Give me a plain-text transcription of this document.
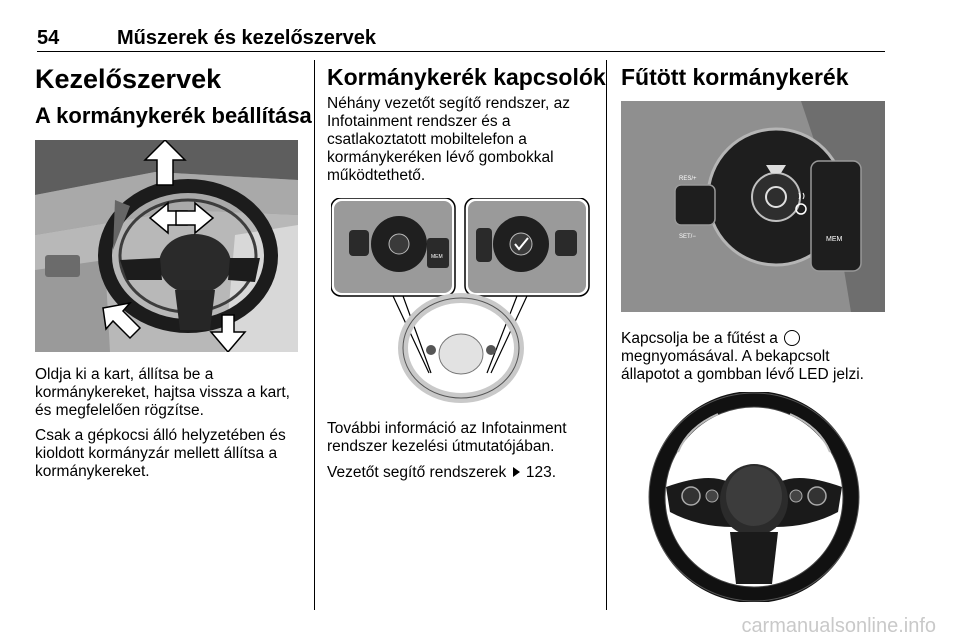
54	Műszerek és kezelőszervek
Kezelőszervek
A kormánykerék beállítása

Oldja ki a kart, állítsa be a kormánykereket, hajtsa vissza a kart, és megfelelően rögzítse.

Csak a gépkocsi álló helyzetében és kioldott kormányzár mellett állítsa a kormánykereket.

Kormánykerék kapcsolók

Néhány vezetőt segítő rendszer, az Infotainment rendszer és a csatlakoztatott mobiltelefon a kormánykeréken lévő gombokkal működtethető.

MEM

További információ az Infotainment rendszer kezelési útmutatójában.

Vezetőt segítő rendszerek 123.

Fűtött kormánykerék
RES/+
SET/−	MEM

Kapcsolja be a fűtést a  megnyomásával. A bekapcsolt állapotot a gombban lévő LED jelzi.

carmanualsonline.info
